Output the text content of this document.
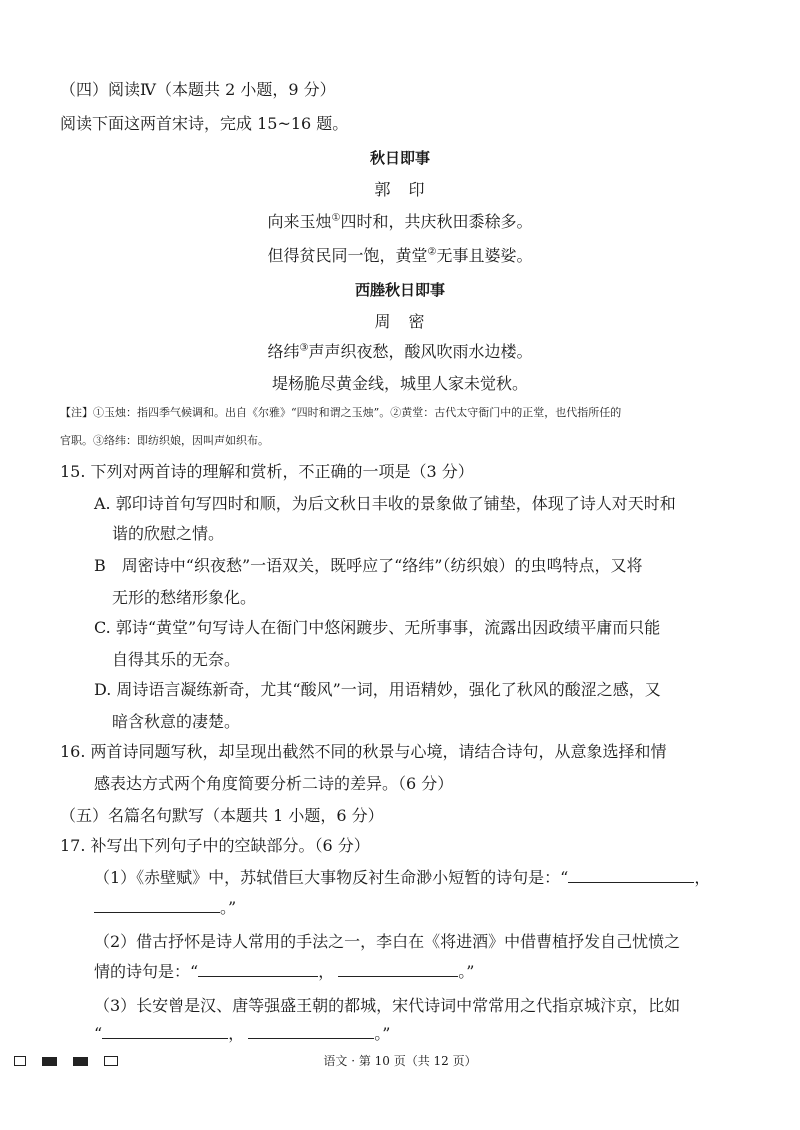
（四）阅读Ⅳ（本题共 2 小题，9 分）
阅读下面这两首宋诗，完成 15~16 题。
秋日即事
郭　印
向来玉烛①四时和，共庆秋田黍稌多。
但得贫民同一饱，黄堂②无事且婆娑。
西塍秋日即事
周　密
络纬③声声织夜愁，酸风吹雨水边楼。
堤杨脆尽黄金线，城里人家未觉秋。
【注】①玉烛：指四季气候调和。出自《尔雅》“四时和谓之玉烛”。②黄堂：古代太守衙门中的正堂，也代指所任的
官职。③络纬：即纺织娘，因叫声如织布。
15. 下列对两首诗的理解和赏析，不正确的一项是（3 分）
A. 郭印诗首句写四时和顺，为后文秋日丰收的景象做了铺垫，体现了诗人对天时和
谐的欣慰之情。
B　周密诗中“织夜愁”一语双关，既呼应了“络纬”（纺织娘）的虫鸣特点，又将
无形的愁绪形象化。
C. 郭诗“黄堂”句写诗人在衙门中悠闲踱步、无所事事，流露出因政绩平庸而只能
自得其乐的无奈。
D. 周诗语言凝练新奇，尤其“酸风”一词，用语精妙，强化了秋风的酸涩之感，又
暗含秋意的凄楚。
16. 两首诗同题写秋，却呈现出截然不同的秋景与心境，请结合诗句，从意象选择和情
感表达方式两个角度简要分析二诗的差异。（6 分）
（五）名篇名句默写（本题共 1 小题，6 分）
17. 补写出下列句子中的空缺部分。（6 分）
（1）《赤壁赋》中，苏轼借巨大事物反衬生命渺小短暂的诗句是：“	，
。”
（2）借古抒怀是诗人常用的手法之一，李白在《将进酒》中借曹植抒发自己忧愤之
情的诗句是：“	，	。”
（3）长安曾是汉、唐等强盛王朝的都城，宋代诗词中常常用之代指京城汴京，比如
“	，	。”
语文 · 第 10 页（共 12 页）
